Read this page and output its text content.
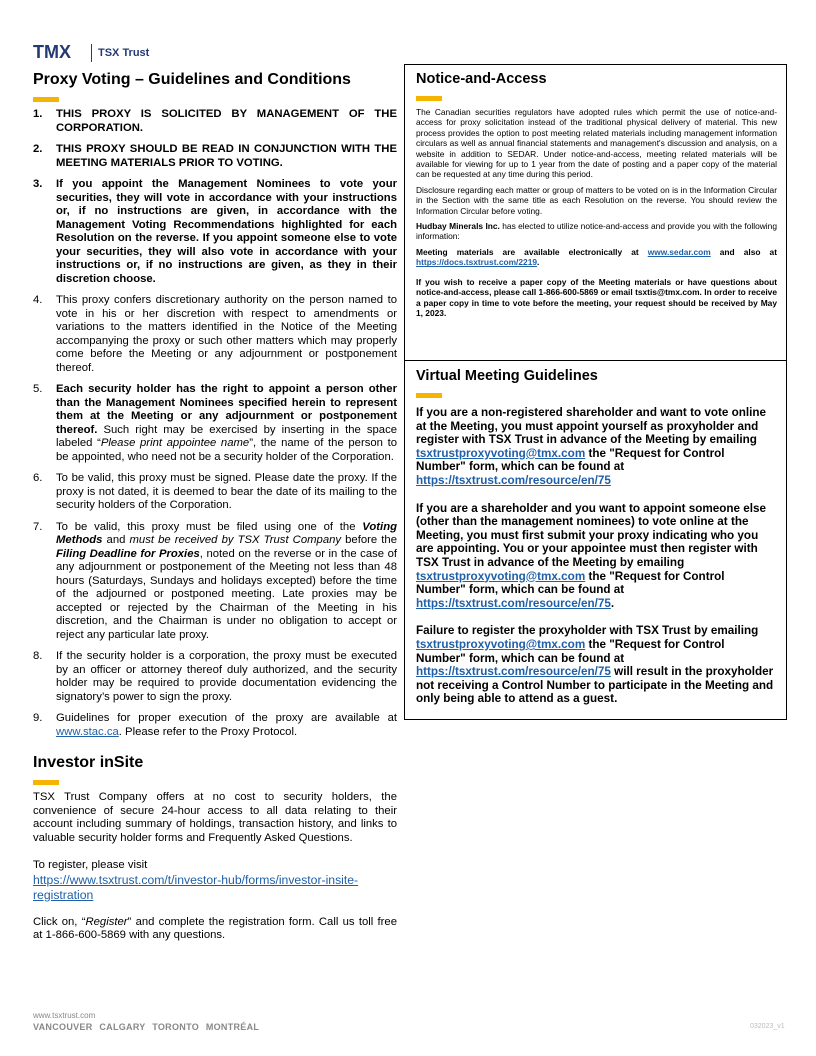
TMX TSX Trust
Proxy Voting – Guidelines and Conditions
1. THIS PROXY IS SOLICITED BY MANAGEMENT OF THE CORPORATION.
2. THIS PROXY SHOULD BE READ IN CONJUNCTION WITH THE MEETING MATERIALS PRIOR TO VOTING.
3. If you appoint the Management Nominees to vote your securities, they will vote in accordance with your instructions or, if no instructions are given, in accordance with the Management Voting Recommendations highlighted for each Resolution on the reverse. If you appoint someone else to vote your securities, they will also vote in accordance with your instructions or, if no instructions are given, as they in their discretion choose.
4. This proxy confers discretionary authority on the person named to vote in his or her discretion with respect to amendments or variations to the matters identified in the Notice of the Meeting accompanying the proxy or such other matters which may properly come before the Meeting or any adjournment or postponement thereof.
5. Each security holder has the right to appoint a person other than the Management Nominees specified herein to represent them at the Meeting or any adjournment or postponement thereof. Such right may be exercised by inserting in the space labeled “Please print appointee name”, the name of the person to be appointed, who need not be a security holder of the Corporation.
6. To be valid, this proxy must be signed. Please date the proxy. If the proxy is not dated, it is deemed to bear the date of its mailing to the security holders of the Corporation.
7. To be valid, this proxy must be filed using one of the Voting Methods and must be received by TSX Trust Company before the Filing Deadline for Proxies, noted on the reverse or in the case of any adjournment or postponement of the Meeting not less than 48 hours (Saturdays, Sundays and holidays excepted) before the time of the adjourned or postponed meeting. Late proxies may be accepted or rejected by the Chairman of the Meeting in his discretion, and the Chairman is under no obligation to accept or reject any particular late proxy.
8. If the security holder is a corporation, the proxy must be executed by an officer or attorney thereof duly authorized, and the security holder may be required to provide documentation evidencing the signatory’s power to sign the proxy.
9. Guidelines for proper execution of the proxy are available at www.stac.ca. Please refer to the Proxy Protocol.
Investor inSite

TSX Trust Company offers at no cost to security holders, the convenience of secure 24-hour access to all data relating to their account including summary of holdings, transaction history, and links to valuable security holder forms and Frequently Asked Questions.

To register, please visit

https://www.tsxtrust.com/t/investor-hub/forms/investor-insite-registration

Click on, “Register” and complete the registration form. Call us toll free at 1-866-600-5869 with any questions.

Notice-and-Access

The Canadian securities regulators have adopted rules which permit the use of notice-and-access for proxy solicitation instead of the traditional physical delivery of material. This new process provides the option to post meeting related materials including management information circulars as well as annual financial statements and management's discussion and analysis, on a website in addition to SEDAR. Under notice-and-access, meeting related materials will be available for viewing for up to 1 year from the date of posting and a paper copy of the material can be requested at any time during this period.

Disclosure regarding each matter or group of matters to be voted on is in the Information Circular in the Section with the same title as each Resolution on the reverse. You should review the Information Circular before voting.

Hudbay Minerals Inc. has elected to utilize notice-and-access and provide you with the following information:

Meeting materials are available electronically at www.sedar.com and also at https://docs.tsxtrust.com/2219.

If you wish to receive a paper copy of the Meeting materials or have questions about notice-and-access, please call 1-866-600-5869 or email tsxtis@tmx.com. In order to receive a paper copy in time to vote before the meeting, your request should be received by May 1, 2023.

Virtual Meeting Guidelines

If you are a non-registered shareholder and want to vote online at the Meeting, you must appoint yourself as proxyholder and register with TSX Trust in advance of the Meeting by emailing tsxtrustproxyvoting@tmx.com the "Request for Control Number" form, which can be found at https://tsxtrust.com/resource/en/75

If you are a shareholder and you want to appoint someone else (other than the management nominees) to vote online at the Meeting, you must first submit your proxy indicating who you are appointing. You or your appointee must then register with TSX Trust in advance of the Meeting by emailing tsxtrustproxyvoting@tmx.com the "Request for Control Number" form, which can be found at https://tsxtrust.com/resource/en/75.

Failure to register the proxyholder with TSX Trust by emailing tsxtrustproxyvoting@tmx.com the "Request for Control Number" form, which can be found at https://tsxtrust.com/resource/en/75 will result in the proxyholder not receiving a Control Number to participate in the Meeting and only being able to attend as a guest.

www.tsxtrust.com
VANCOUVER CALGARY TORONTO MONTRÉAL	032023_v1
